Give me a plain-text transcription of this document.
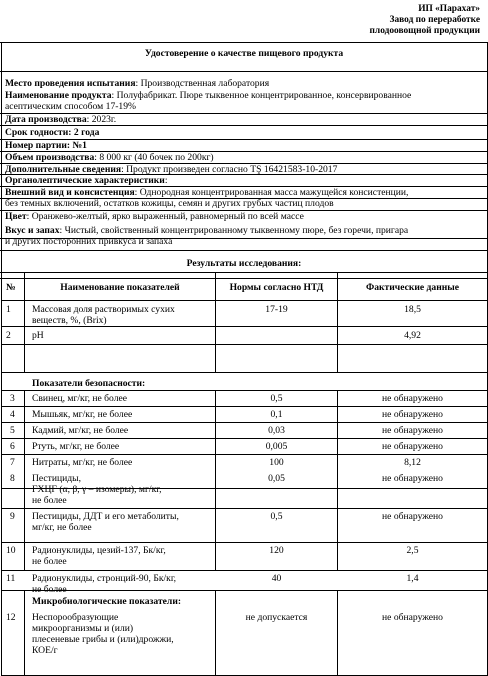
ИП «Парахат»
Завод по переработке
плодоовощной продукции
Удостоверение о качестве пищевого продукта
Место проведения испытания: Производственная лаборатория
Наименование продукта: Полуфабрикат. Пюре тыквенное концентрированное, консервированное
асептическим способом 17-19%
Дата производства: 2023г.
Срок годности: 2 года
Номер партии: №1
Объем производства: 8 000 кг (40 бочек по 200кг)
Дополнительные сведения: Продукт произведен согласно TŞ 16421583-10-2017
Органолептические характеристики:
Внешний вид и консистенция: Однородная концентрированная масса мажущейся консистенции,
без темных включений, остатков кожицы, семян и других грубых частиц плодов
Цвет: Оранжево-желтый, ярко выраженный, равномерный по всей массе
Вкус и запах: Чистый, свойственный концентрированному тыквенному пюре, без горечи, пригара
и других посторонних привкуса и запаха
Результаты исследования:
№	Наименование показателей	Нормы согласно НТД	Фактические данные
1 Массовая доля растворимых сухих
веществ, %, (Brix)
17-19	18,5
2 pH	4,92
Показатели безопасности:
3 Свинец, мг/кг, не более	0,5	не обнаружено
4 Мышьяк, мг/кг, не более	0,1	не обнаружено
5 Кадмий, мг/кг, не более	0,03	не обнаружено
6 Ртуть, мг/кг, не более	0,005	не обнаружено
7 Нитраты, мг/кг, не более	100	8,12
8 Пестициды,
ГХЦГ (α, β, γ – изомеры), мг/кг,
не более
0,05	не обнаружено
9 Пестициды, ДДТ и его метаболиты,
мг/кг, не более
0,5	не обнаружено
10 Радионуклиды, цезий-137, Бк/кг,
не более
120	2,5
11 Радионуклиды, стронций-90, Бк/кг,
не более
40	1,4
Микробиологические показатели:
12 Неспорообразующие
микроорганизмы и (или)
плесеневые грибы и (или)дрожжи,
КОЕ/г
не допускается	не обнаружено
